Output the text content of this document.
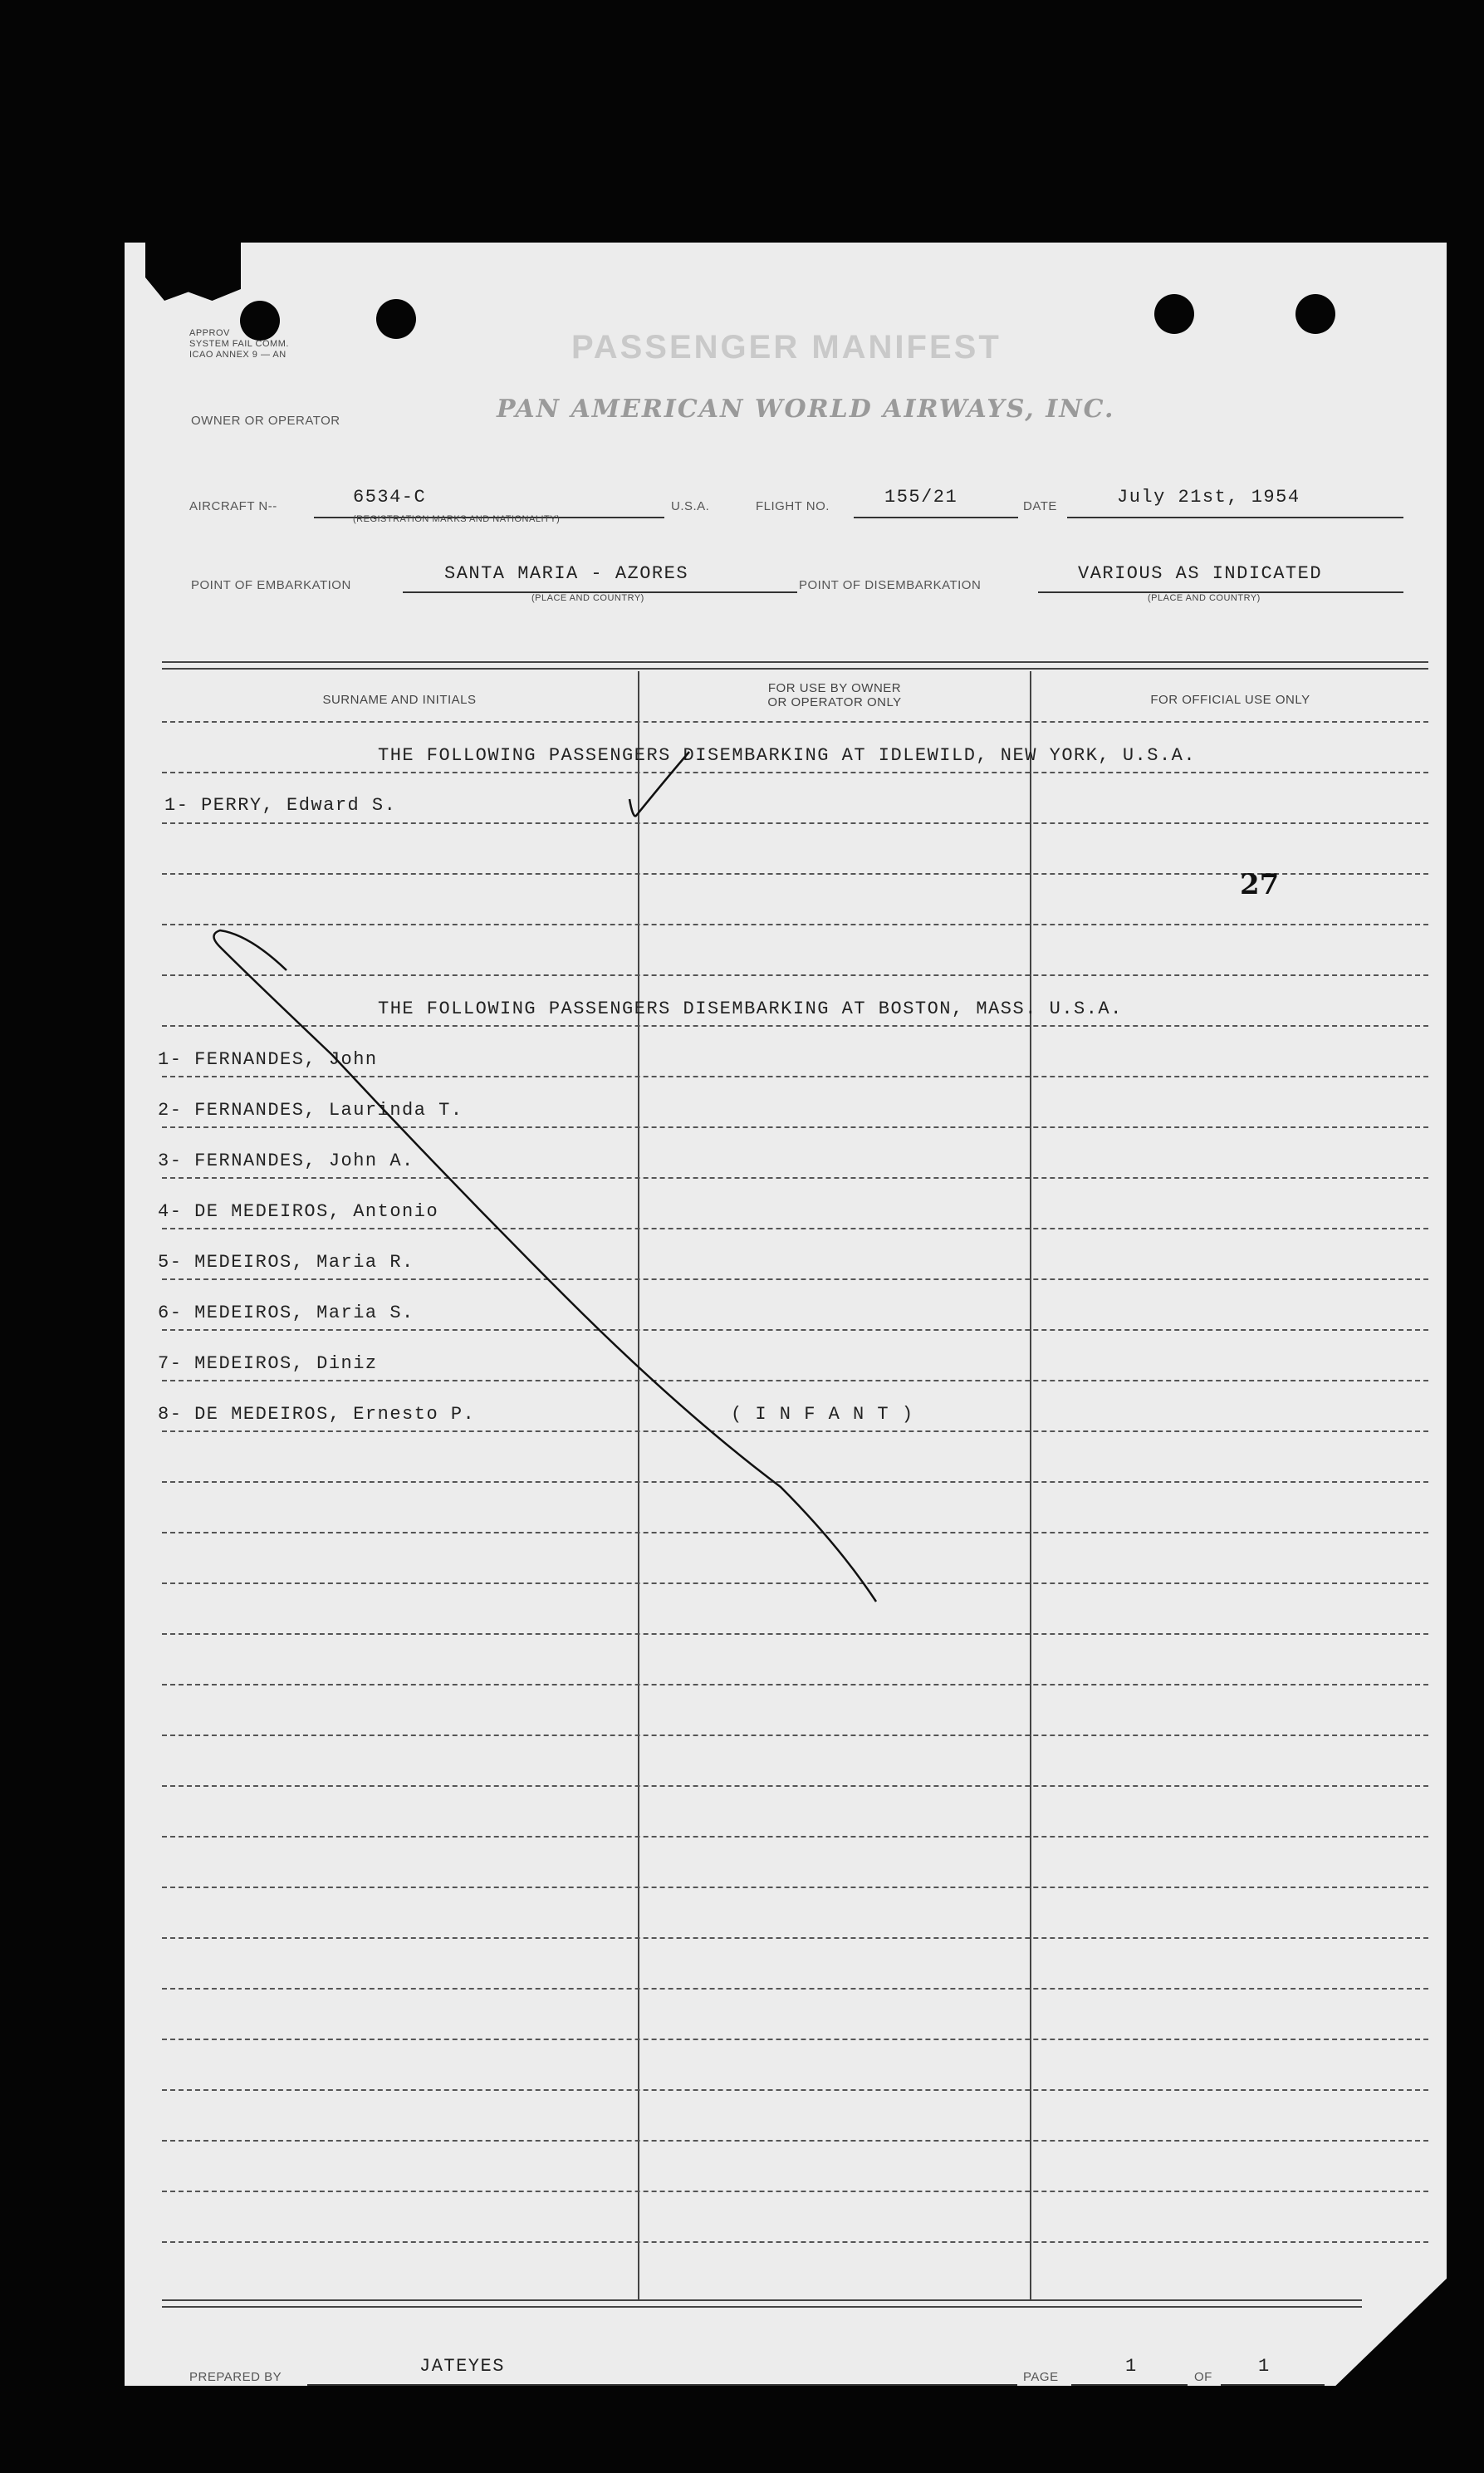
APPROV
SYSTEM FAIL COMM.
ICAO ANNEX 9 — AN	PASSENGER MANIFEST
OWNER OR OPERATOR	PAN AMERICAN WORLD AIRWAYS, INC.
AIRCRAFT N--	6534-C
(REGISTRATION MARKS AND NATIONALITY)
U.S.A.	FLIGHT NO.	155/21	DATE	July 21st, 1954
POINT OF EMBARKATION
SANTA MARIA - AZORES
(PLACE AND COUNTRY)
POINT OF DISEMBARKATION
VARIOUS AS INDICATED
(PLACE AND COUNTRY)
SURNAME AND INITIALS
FOR USE BY OWNER
OR OPERATOR ONLY	FOR OFFICIAL USE ONLY
THE FOLLOWING PASSENGERS DISEMBARKING AT IDLEWILD, NEW YORK, U.S.A.
1- PERRY, Edward S.
27
THE FOLLOWING PASSENGERS DISEMBARKING AT BOSTON, MASS. U.S.A.
1- FERNANDES, John
2- FERNANDES, Laurinda T.
3- FERNANDES, John A.
4- DE MEDEIROS, Antonio
5- MEDEIROS, Maria R.
6- MEDEIROS, Maria S.
7- MEDEIROS, Diniz
8- DE MEDEIROS, Ernesto P.	( I N F A N T )
PREPARED BY
JATEYES
PAGE
1
OF
1
